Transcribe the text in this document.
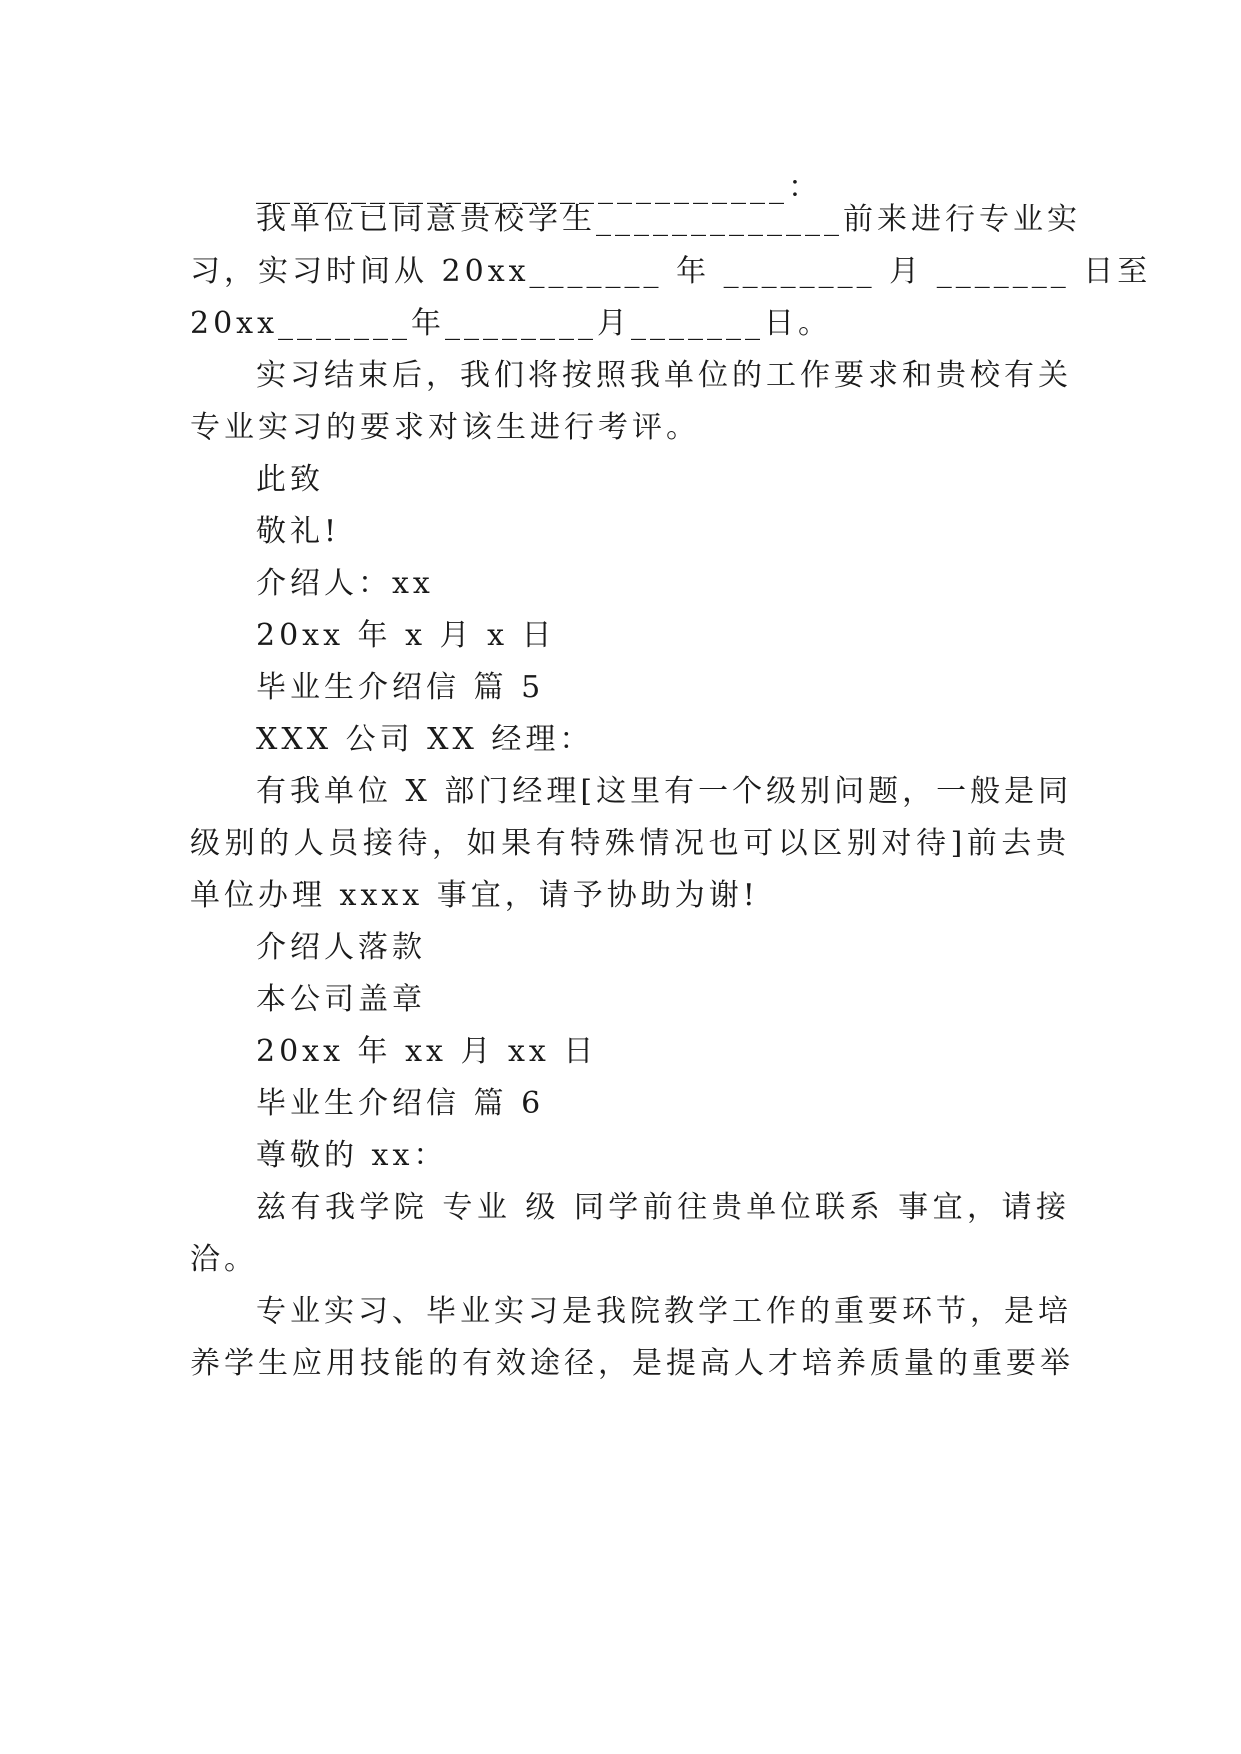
____________________________：
我单位已同意贵校学生_____________前来进行专业实
习，实习时间从 20xx_______ 年 ________ 月 _______ 日至
20xx_______年________月_______日。
实习结束后，我们将按照我单位的工作要求和贵校有关
专业实习的要求对该生进行考评。
此致
敬礼!
介绍人：xx
20xx 年 x 月 x 日
毕业生介绍信 篇 5
XXX 公司 XX 经理：
有我单位 X 部门经理[这里有一个级别问题，一般是同
级别的人员接待，如果有特殊情况也可以区别对待]前去贵
单位办理 xxxx 事宜，请予协助为谢!
介绍人落款
本公司盖章
20xx 年 xx 月 xx 日
毕业生介绍信 篇 6
尊敬的 xx：
兹有我学院 专业 级 同学前往贵单位联系 事宜，请接
洽。
专业实习、毕业实习是我院教学工作的重要环节，是培
养学生应用技能的有效途径，是提高人才培养质量的重要举
